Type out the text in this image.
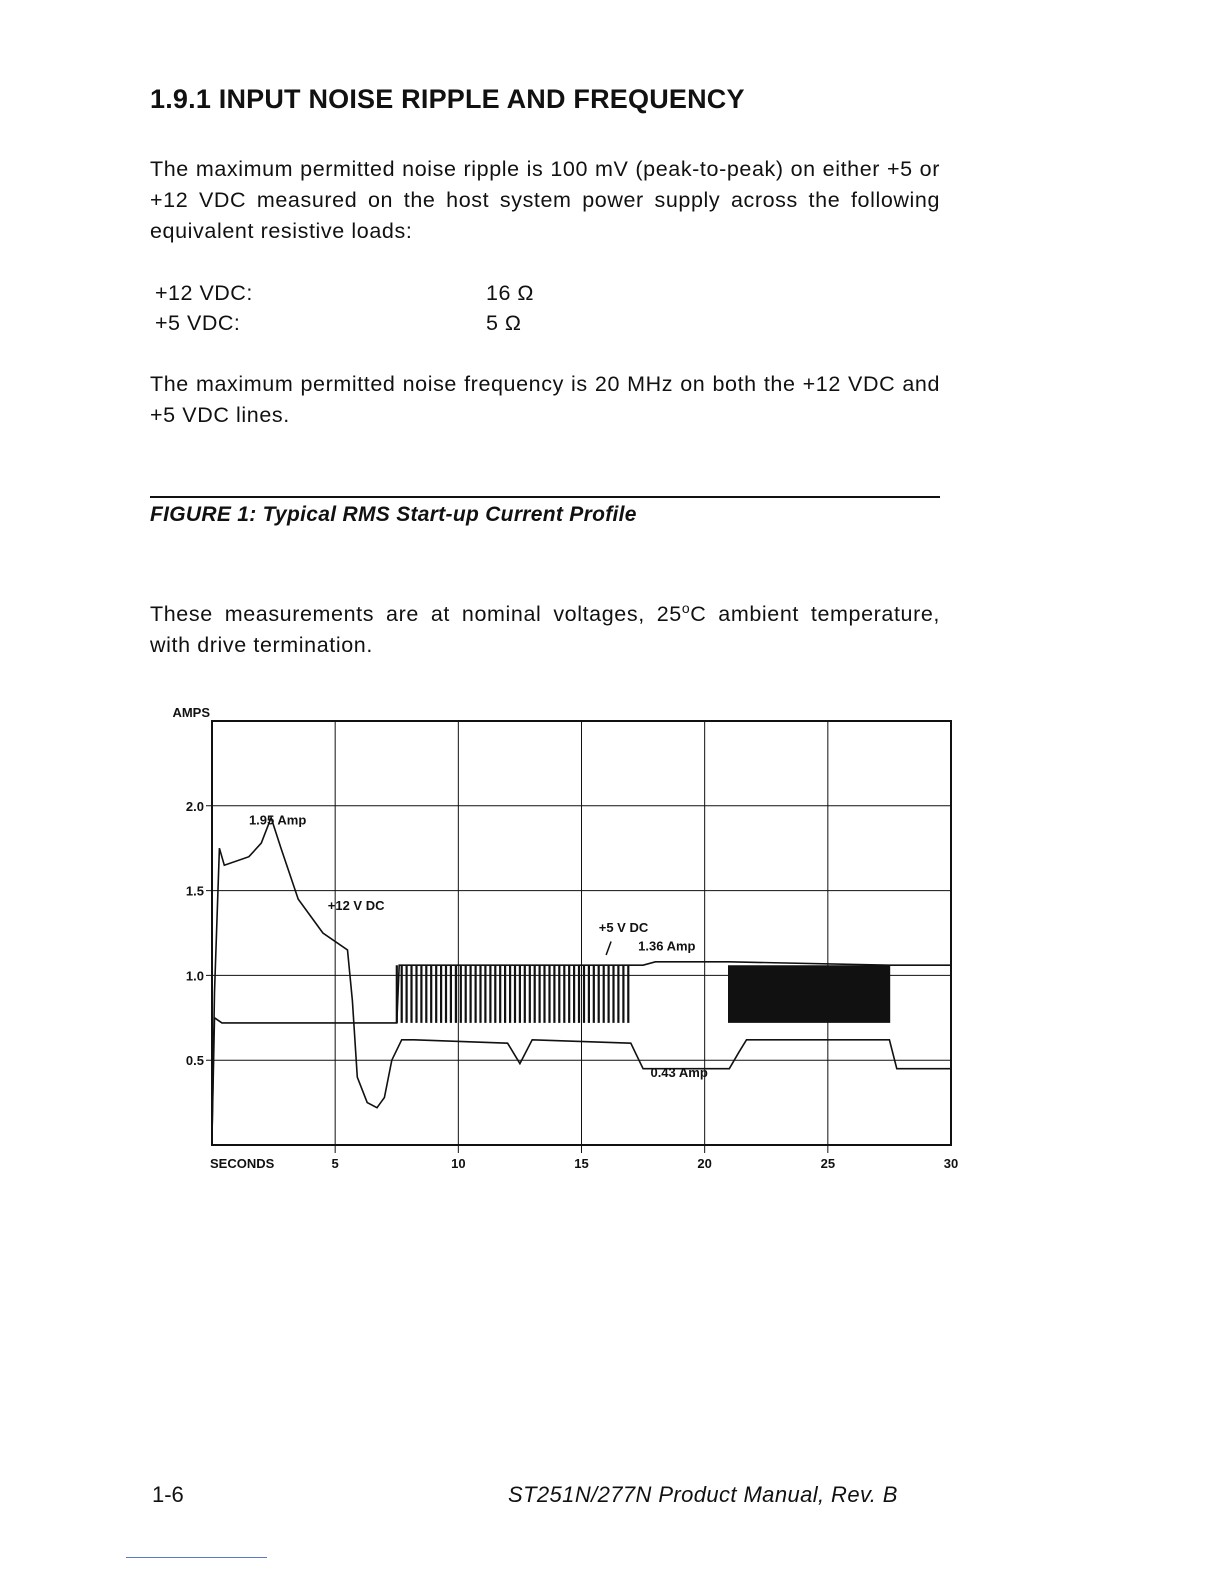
1.9.1 INPUT NOISE RIPPLE AND FREQUENCY
The maximum permitted noise ripple is 100 mV (peak-to-peak) on either +5 or +12 VDC measured on the host system power supply across the following equivalent resistive loads:
+12 VDC:	16 Ω
+5 VDC:	5 Ω
The maximum permitted noise frequency is 20 MHz on both the +12 VDC and +5 VDC lines.
FIGURE 1: Typical RMS Start-up Current Profile
These measurements are at nominal voltages, 25$^o$C ambient temperature, with drive termination.
5	10	15	20	25	30
0.5
1.0
1.5
2.0
AMPS
SECONDS
1.95 Amp
+12 V DC
+5 V DC
1.36 Amp
0.43 Amp
1-6	ST251N/277N Product Manual, Rev. B
